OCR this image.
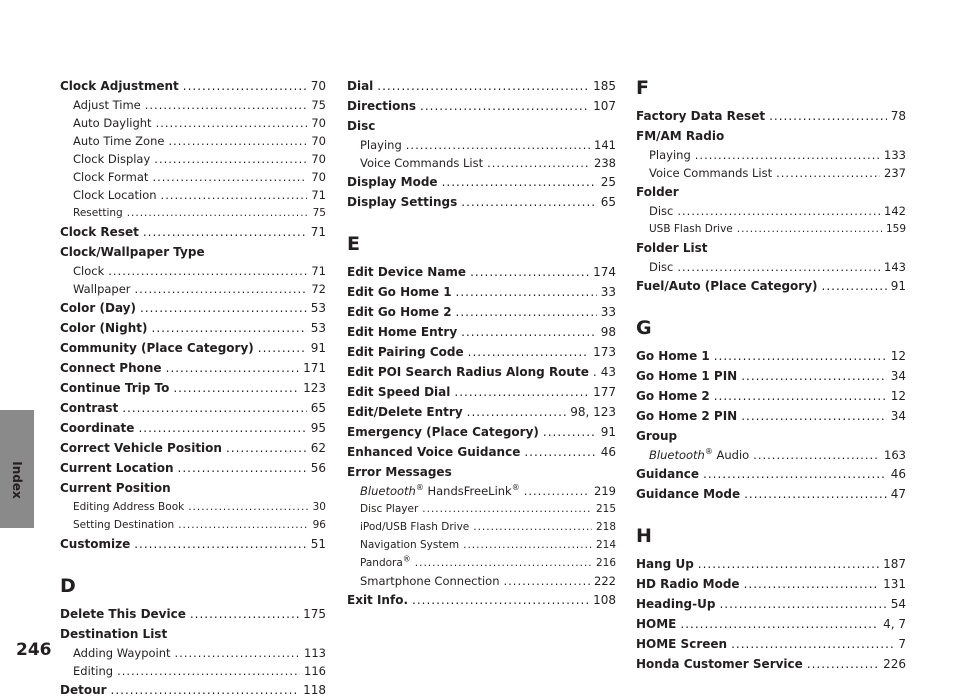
Index
246
Clock Adjustment .....	70
Adjust Time .....	75
Auto Daylight .....	70
Auto Time Zone .....	70
Clock Display .....	70
Clock Format .....	70
Clock Location .....	71
Resetting .....	75
Clock Reset .....	71
Clock/Wallpaper Type
Clock .....	71
Wallpaper .....	72
Color (Day) .....	53
Color (Night) .....	53
Community (Place Category) .....	91
Connect Phone .....	171
Continue Trip To .....	123
Contrast .....	65
Coordinate .....	95
Correct Vehicle Position .....	62
Current Location .....	56
Current Position
Editing Address Book .....	30
Setting Destination .....	96
Customize .....	51
D
Delete This Device .....	175
Destination List
Adding Waypoint .....	113
Editing .....	116
Detour .....	118
Dial .....	185
Directions .....	107
Disc
Playing .....	141
Voice Commands List .....	238
Display Mode .....	25
Display Settings .....	65
E
Edit Device Name .....	174
Edit Go Home 1 .....	33
Edit Go Home 2 .....	33
Edit Home Entry .....	98
Edit Pairing Code .....	173
Edit POI Search Radius Along Route ..... 43
Edit Speed Dial .....	177
Edit/Delete Entry .....	98, 123
Emergency (Place Category) .....	91
Enhanced Voice Guidance .....	46
Error Messages
Bluetooth® HandsFreeLink® .....	219
Disc Player .....	215
iPod/USB Flash Drive .....	218
Navigation System .....	214
Pandora® .....	216
Smartphone Connection .....	222
Exit Info. .....	108
F
Factory Data Reset .....	78
FM/AM Radio
Playing .....	133
Voice Commands List .....	237
Folder
Disc .....	142
USB Flash Drive .....	159
Folder List
Disc .....	143
Fuel/Auto (Place Category) .....	91
G
Go Home 1 .....	12
Go Home 1 PIN .....	34
Go Home 2 .....	12
Go Home 2 PIN .....	34
Group
Bluetooth® Audio .....	163
Guidance .....	46
Guidance Mode .....	47
H
Hang Up .....	187
HD Radio Mode .....	131
Heading-Up .....	54
HOME .....	4, 7
HOME Screen .....	7
Honda Customer Service .....	226
